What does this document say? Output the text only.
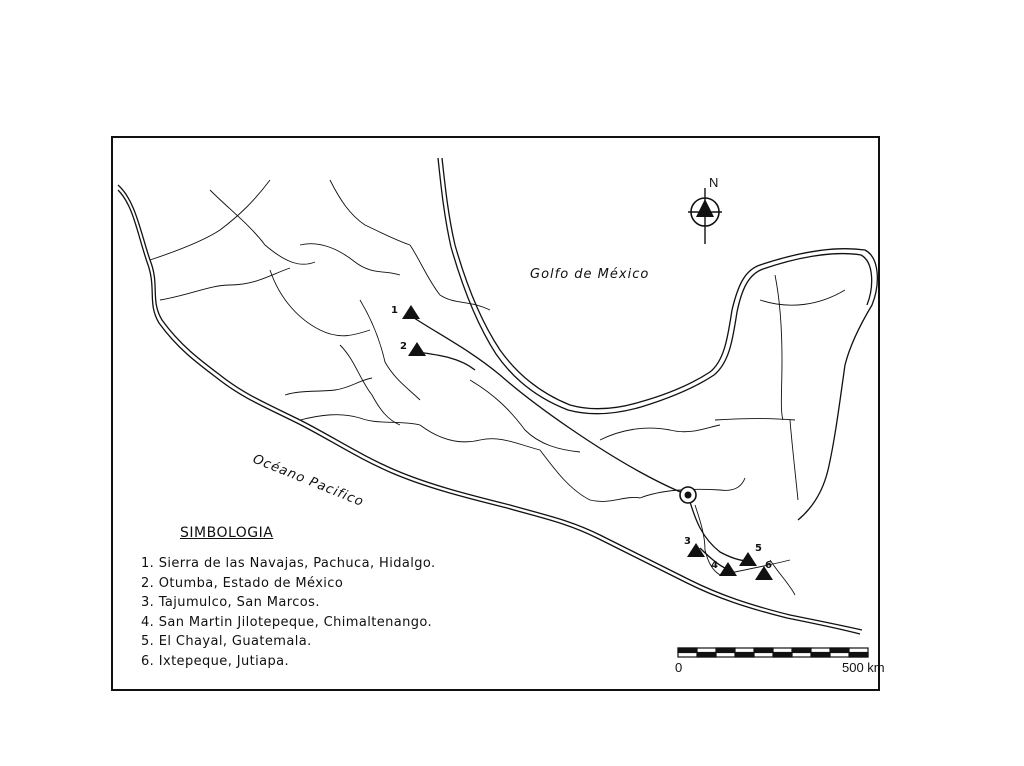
1
2
3
4
5
6
Golfo de México
Océano Pacifico
N
0	500 km
SIMBOLOGIA
1. Sierra de las Navajas, Pachuca, Hidalgo.
2. Otumba, Estado de México
3. Tajumulco, San Marcos.
4. San Martin Jilotepeque, Chimaltenango.
5. El Chayal, Guatemala.
6. Ixtepeque, Jutiapa.
